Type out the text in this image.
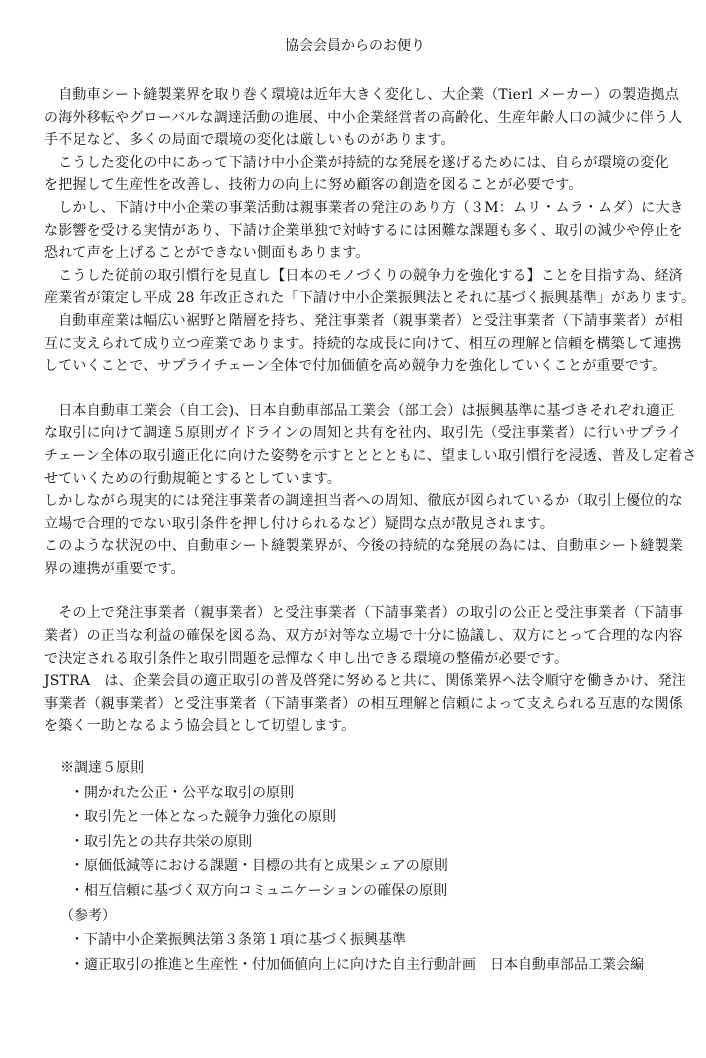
協会会員からのお便り

　自動車シート縫製業界を取り巻く環境は近年大きく変化し、大企業（Tierl メーカー）の製造拠点
の海外移転やグローバルな調達活動の進展、中小企業経営者の高齢化、生産年齢人口の減少に伴う人
手不足など、多くの局面で環境の変化は厳しいものがあります。

　こうした変化の中にあって下請け中小企業が持続的な発展を遂げるためには、自らが環境の変化
を把握して生産性を改善し、技術力の向上に努め顧客の創造を図ることが必要です。

　しかし、下請け中小企業の事業活動は親事業者の発注のあり方（３M：ムリ・ムラ・ムダ）に大き
な影響を受ける実情があり、下請け企業単独で対峙するには困難な課題も多く、取引の減少や停止を
恐れて声を上げることができない側面もあります。

　こうした従前の取引慣行を見直し【日本のモノづくりの競争力を強化する】ことを目指す為、経済
産業省が策定し平成 28 年改正された「下請け中小企業振興法とそれに基づく振興基準」があります。

　自動車産業は幅広い裾野と階層を持ち、発注事業者（親事業者）と受注事業者（下請事業者）が相
互に支えられて成り立つ産業であります。持続的な成長に向けて、相互の理解と信頼を構築して連携
していくことで、サプライチェーン全体で付加価値を高め競争力を強化していくことが重要です。

　日本自動車工業会（自工会)、日本自動車部品工業会（部工会）は振興基準に基づきそれぞれ適正
な取引に向けて調達５原則ガイドラインの周知と共有を社内、取引先（受注事業者）に行いサプライ
チェーン全体の取引適正化に向けた姿勢を示すとととともに、望ましい取引慣行を浸透、普及し定着さ
せていくための行動規範とするとしています。

しかしながら現実的には発注事業者の調達担当者への周知、徹底が図られているか（取引上優位的な
立場で合理的でない取引条件を押し付けられるなど）疑問な点が散見されます。

このような状況の中、自動車シート縫製業界が、今後の持続的な発展の為には、自動車シート縫製業
界の連携が重要です。

　その上で発注事業者（親事業者）と受注事業者（下請事業者）の取引の公正と受注事業者（下請事
業者）の正当な利益の確保を図る為、双方が対等な立場で十分に協議し、双方にとって合理的な内容
で決定される取引条件と取引問題を忌憚なく申し出できる環境の整備が必要です。

JSTRA　は、企業会員の適正取引の普及啓発に努めると共に、関係業界へ法令順守を働きかけ、発注
事業者（親事業者）と受注事業者（下請事業者）の相互理解と信頼によって支えられる互恵的な関係
を築く一助となるよう協会員として切望します。

※調達５原則
・開かれた公正・公平な取引の原則
・取引先と一体となった競争力強化の原則
・取引先との共存共栄の原則
・原価低減等における課題・目標の共有と成果シェアの原則
・相互信頼に基づく双方向コミュニケーションの確保の原則
（参考）
・下請中小企業振興法第３条第１項に基づく振興基準
・適正取引の推進と生産性・付加価値向上に向けた自主行動計画　日本自動車部品工業会編
